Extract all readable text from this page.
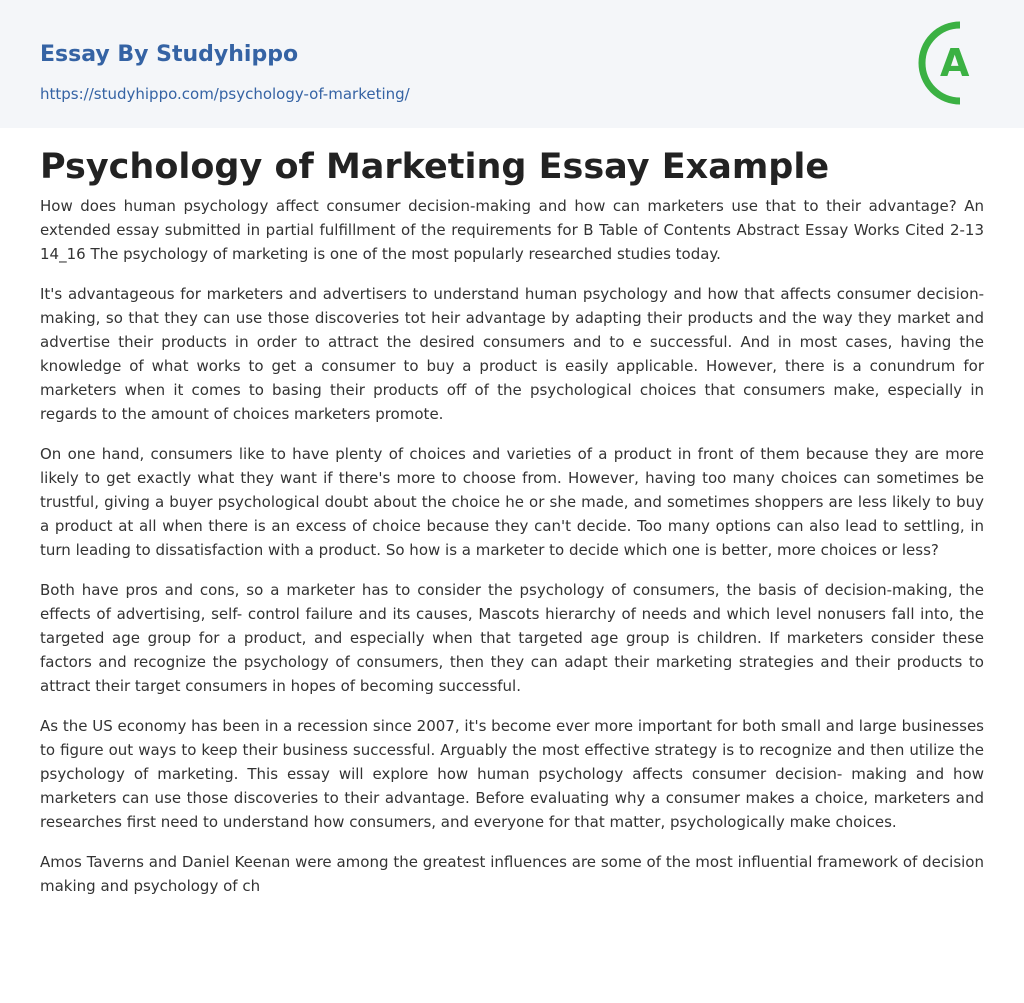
Essay By Studyhippo
https://studyhippo.com/psychology-of-marketing/
A
Psychology of Marketing Essay Example

How does human psychology affect consumer decision-making and how can marketers use that to their advantage? An extended essay submitted in partial fulfillment of the requirements for B Table of Contents Abstract Essay Works Cited 2-13 14_16 The psychology of marketing is one of the most popularly researched studies today.

It's advantageous for marketers and advertisers to understand human psychology and how that affects consumer decision-making, so that they can use those discoveries tot heir advantage by adapting their products and the way they market and advertise their products in order to attract the desired consumers and to e successful. And in most cases, having the knowledge of what works to get a consumer to buy a product is easily applicable. However, there is a conundrum for marketers when it comes to basing their products off of the psychological choices that consumers make, especially in regards to the amount of choices marketers promote.

On one hand, consumers like to have plenty of choices and varieties of a product in front of them because they are more likely to get exactly what they want if there's more to choose from. However, having too many choices can sometimes be trustful, giving a buyer psychological doubt about the choice he or she made, and sometimes shoppers are less likely to buy a product at all when there is an excess of choice because they can't decide. Too many options can also lead to settling, in turn leading to dissatisfaction with a product. So how is a marketer to decide which one is better, more choices or less?

Both have pros and cons, so a marketer has to consider the psychology of consumers, the basis of decision-making, the effects of advertising, self- control failure and its causes, Mascots hierarchy of needs and which level nonusers fall into, the targeted age group for a product, and especially when that targeted age group is children. If marketers consider these factors and recognize the psychology of consumers, then they can adapt their marketing strategies and their products to attract their target consumers in hopes of becoming successful.

As the US economy has been in a recession since 2007, it's become ever more important for both small and large businesses to figure out ways to keep their business successful. Arguably the most effective strategy is to recognize and then utilize the psychology of marketing. This essay will explore how human psychology affects consumer decision- making and how marketers can use those discoveries to their advantage. Before evaluating why a consumer makes a choice, marketers and researches first need to understand how consumers, and everyone for that matter, psychologically make choices.

Amos Taverns and Daniel Keenan were among the greatest influences are some of the most influential framework of decision making and psychology of ch
